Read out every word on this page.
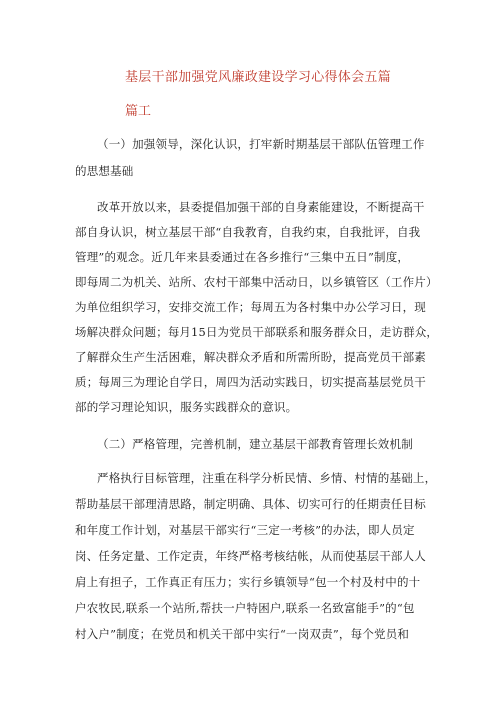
基层干部加强党风廉政建设学习心得体会五篇
篇工
（一）加强领导，深化认识，打牢新时期基层干部队伍管理工作
的思想基础
改革开放以来，县委提倡加强干部的自身素能建设，不断提高干
部自身认识，树立基层干部“自我教育，自我约束，自我批评，自我
管理”的观念。近几年来县委通过在各乡推行“三集中五日”制度，
即每周二为机关、站所、农村干部集中活动日，以乡镇管区（工作片）
为单位组织学习，安排交流工作；每周五为各村集中办公学习日，现
场解决群众问题；每月15日为党员干部联系和服务群众日，走访群众，
了解群众生产生活困难，解决群众矛盾和所需所盼，提高党员干部素
质；每周三为理论自学日，周四为活动实践日，切实提高基层党员干
部的学习理论知识，服务实践群众的意识。
（二）严格管理，完善机制，建立基层干部教育管理长效机制
严格执行目标管理，注重在科学分析民情、乡情、村情的基础上，
帮助基层干部理清思路，制定明确、具体、切实可行的任期责任目标
和年度工作计划，对基层干部实行“三定一考核”的办法，即人员定
岗、任务定量、工作定责，年终严格考核结帐，从而使基层干部人人
肩上有担子，工作真正有压力；实行乡镇领导“包一个村及村中的十
户农牧民,联系一个站所,帮扶一户特困户,联系一名致富能手”的“包
村入户”制度；在党员和机关干部中实行“一岗双责”，每个党员和
